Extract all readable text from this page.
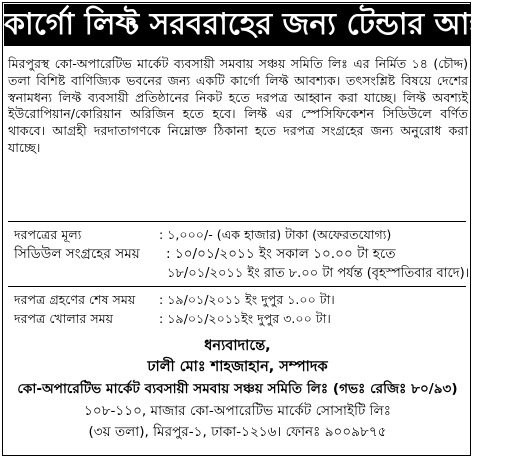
কার্গো লিফ্ট সরবরাহের জন্য টেন্ডার আহ্বান
মিরপুরস্থ কো-অপারেটিভ মার্কেট ব্যবসায়ী সমবায় সঞ্চয় সমিতি লিঃ এর নির্মিত ১৪ (চৌদ্দ) তলা বিশিষ্ট বাণিজ্যিক ভবনের জন্য একটি কার্গো লিফ্ট আবশ্যক। তৎসংশ্লিষ্ট বিষয়ে দেশের স্বনামধন্য লিফ্ট ব্যবসায়ী প্রতিষ্ঠানের নিকট হতে দরপত্র আহ্বান করা যাচ্ছে। লিফ্ট অবশ্যই ইউরোপিয়ান/কোরিয়ান অরিজিন হতে হবে। লিফ্ট এর স্পেসিফিকেশন সিডিউলে বর্ণিত থাকবে। আগ্রহী দরদাতাগণকে নিম্নোক্ত ঠিকানা হতে দরপত্র সংগ্রহের জন্য অনুরোধ করা যাচ্ছে।
দরপত্রের মূল্য	: ১,০০০/- (এক হাজার) টাকা (অফেরতযোগ্য)
সিডিউল সংগ্রহের সময় : ১০/০১/২০১১ ইং সকাল ১০.০০ টা হতে
১৮/০১/২০১১ ইং রাত ৮.০০ টা পর্যন্ত (বৃহস্পতিবার বাদে)।
দরপত্র গ্রহণের শেষ সময় : ১৯/০১/২০১১ ইং দুপুর ১.০০ টা।
দরপত্র খোলার সময়	: ১৯/০১/২০১১ইং দুপুর ৩.০০ টা।
ধন্যবাদান্তে,
ঢালী মোঃ শাহজাহান, সম্পাদক
কো-অপারেটিভ মার্কেট ব্যবসায়ী সমবায় সঞ্চয় সমিতি লিঃ (গভঃ রেজিঃ ৮০/৯৩)
১০৮-১১০, মাজার কো-অপারেটিভ মার্কেট সোসাইটি লিঃ
(৩য় তলা), মিরপুর-১, ঢাকা-১২১৬। ফোনঃ ৯০০৯৮৭৫
